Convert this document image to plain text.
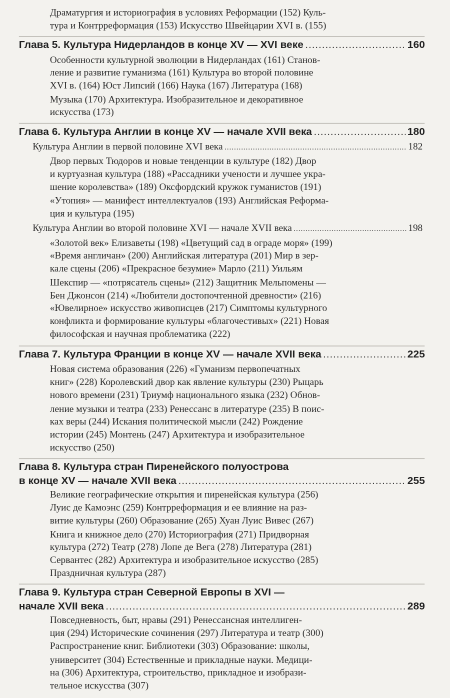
Драматургия и историография в условиях Реформации (152) Куль-
тура и Контрреформация (153) Искусство Швейцарии XVI в. (155)
Глава 5. Культура Нидерландов в конце XV — XVI веке .....	160
Особенности культурной эволюции в Нидерландах (161) Станов-
ление и развитие гуманизма (161) Культура во второй половине
XVI в. (164) Юст Липсий (166) Наука (167) Литература (168)
Музыка (170) Архитектура. Изобразительное и декоративное
искусства (173)
Глава 6. Культура Англии в конце XV — начале XVII века .....	180
Культура Англии в первой половине XVI века .....	182
Двор первых Тюдоров и новые тенденции в культуре (182) Двор
и куртуазная культура (188) «Рассадники учености и лучшее укра-
шение королевства» (189) Оксфордский кружок гуманистов (191)
«Утопия» — манифест интеллектуалов (193) Английская Реформа-
ция и культура (195)
Культура Англии во второй половине XVI — начале XVII века .....	198
«Золотой век» Елизаветы (198) «Цветущий сад в ограде моря» (199)
«Время англичан» (200) Английская литература (201) Мир в зер-
кале сцены (206) «Прекрасное безумие» Марло (211) Уильям
Шекспир — «потрясатель сцены» (212) Защитник Мельпомены —
Бен Джонсон (214) «Любители достопочтенной древности» (216)
«Ювелирное» искусство живописцев (217) Симптомы культурного
конфликта и формирование культуры «благочестивых» (221) Новая
философская и научная проблематика (222)
Глава 7. Культура Франции в конце XV — начале XVII века .....	225
Новая система образования (226) «Гуманизм первопечатных
книг» (228) Королевский двор как явление культуры (230) Рыцарь
нового времени (231) Триумф национального языка (232) Обнов-
ление музыки и театра (233) Ренессанс в литературе (235) В поис-
ках веры (244) Искания политической мысли (242) Рождение
истории (245) Монтень (247) Архитектура и изобразительное
искусство (250)
Глава 8. Культура стран Пиренейского полуострова
в конце XV — начале XVII века .....	255
Великие географические открытия и пиренейская культура (256)
Луис де Камоэнс (259) Контрреформация и ее влияние на раз-
витие культуры (260) Образование (265) Хуан Луис Вивес (267)
Книга и книжное дело (270) Историография (271) Придворная
культура (272) Театр (278) Лопе де Вега (278) Литература (281)
Сервантес (282) Архитектура и изобразительное искусство (285)
Праздничная культура (287)
Глава 9. Культура стран Северной Европы в XVI —
начале XVII века .....	289
Повседневность, быт, нравы (291) Ренессансная интеллиген-
ция (294) Исторические сочинения (297) Литература и театр (300)
Распространение книг. Библиотеки (303) Образование: школы,
университет (304) Естественные и прикладные науки. Медици-
на (306) Архитектура, строительство, прикладное и изобрази-
тельное искусства (307)
